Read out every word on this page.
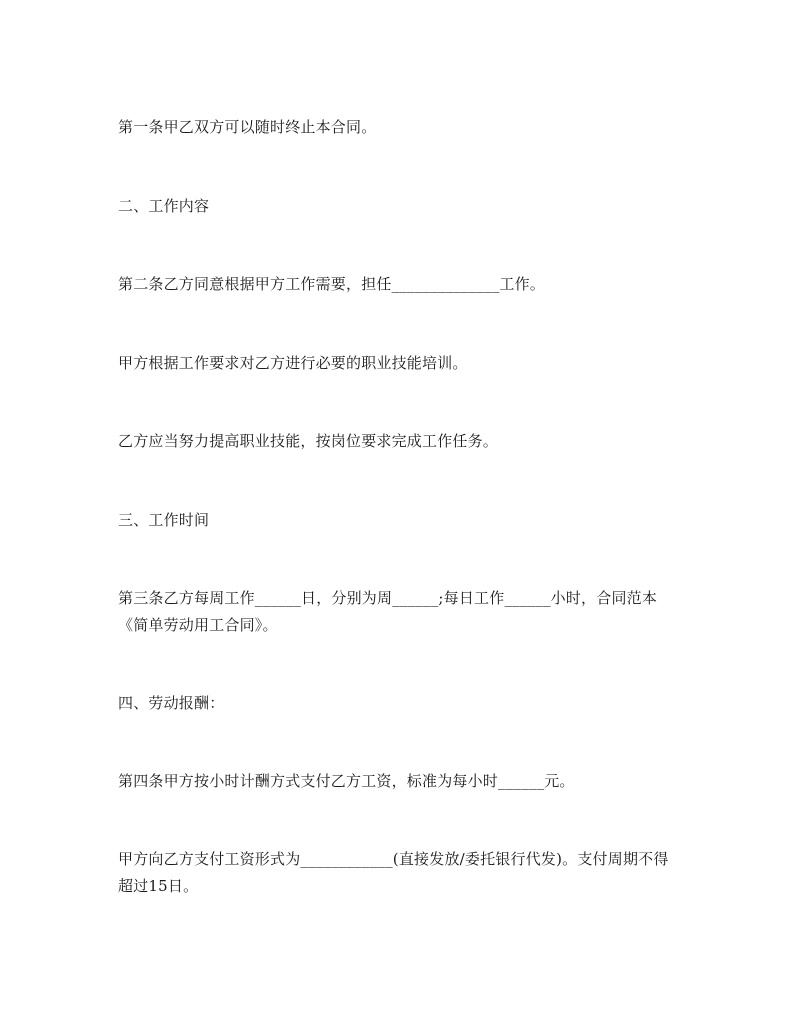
第一条甲乙双方可以随时终止本合同。

二、工作内容

第二条乙方同意根据甲方工作需要，担任______________工作。

甲方根据工作要求对乙方进行必要的职业技能培训。

乙方应当努力提高职业技能，按岗位要求完成工作任务。

三、工作时间

第三条乙方每周工作______日，分别为周______;每日工作______小时，合同范本《简单劳动用工合同》。

四、劳动报酬：

第四条甲方按小时计酬方式支付乙方工资，标准为每小时______元。

甲方向乙方支付工资形式为____________(直接发放/委托银行代发)。支付周期不得超过15日。
